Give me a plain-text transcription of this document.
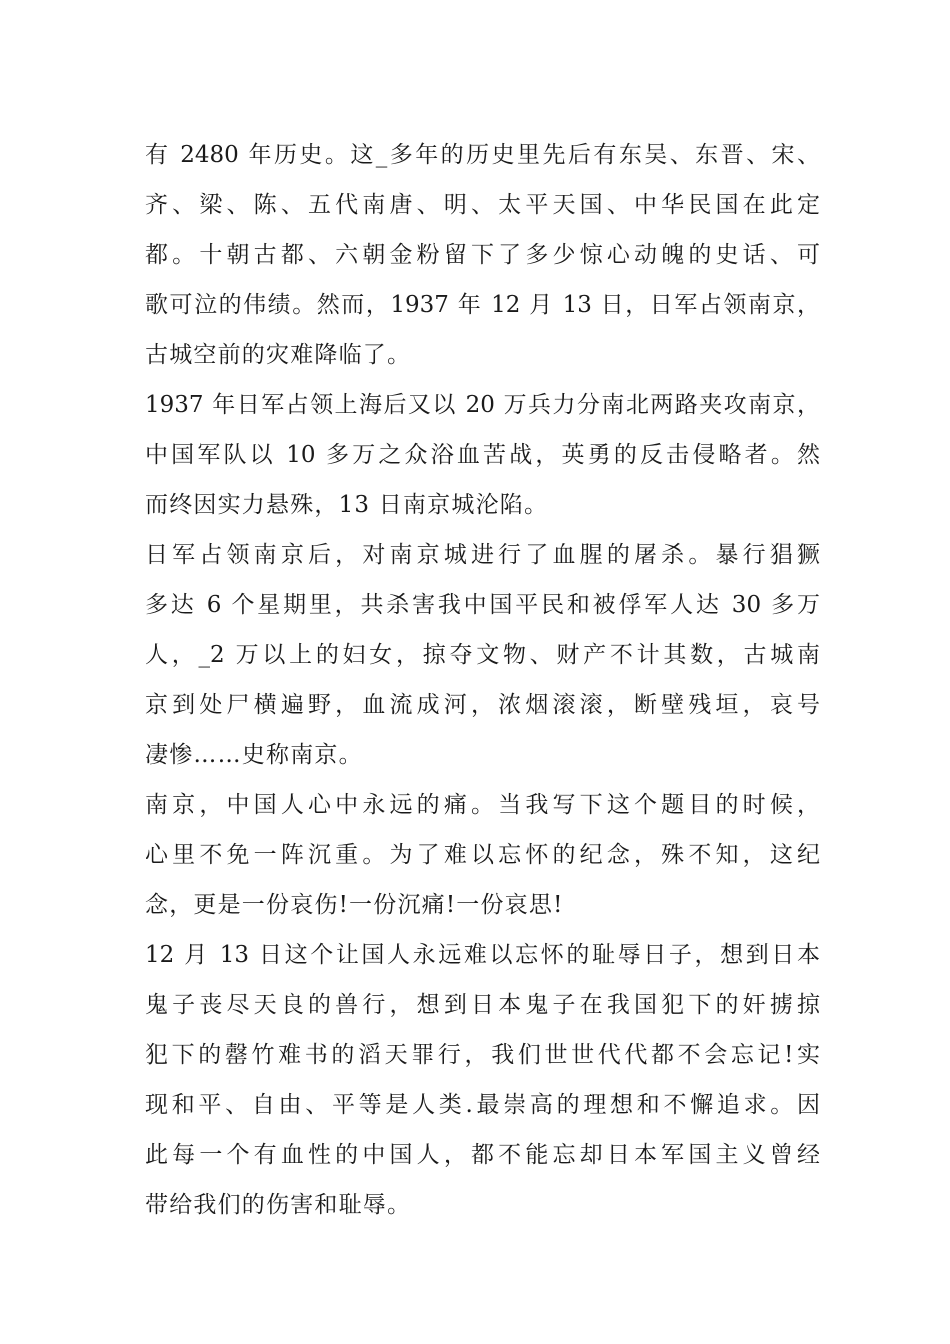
有 2480 年历史。这_多年的历史里先后有东吴、东晋、宋、
齐、梁、陈、五代南唐、明、太平天国、中华民国在此定
都。十朝古都、六朝金粉留下了多少惊心动魄的史话、可
歌可泣的伟绩。然而，1937 年 12 月 13 日，日军占领南京，
古城空前的灾难降临了。
1937 年日军占领上海后又以 20 万兵力分南北两路夹攻南京，
中国军队以 10 多万之众浴血苦战，英勇的反击侵略者。然
而终因实力悬殊，13 日南京城沦陷。
日军占领南京后，对南京城进行了血腥的屠杀。暴行猖獗
多达 6 个星期里，共杀害我中国平民和被俘军人达 30 多万
人，_2 万以上的妇女，掠夺文物、财产不计其数，古城南
京到处尸横遍野，血流成河，浓烟滚滚，断壁残垣，哀号
凄惨……史称南京。
南京，中国人心中永远的痛。当我写下这个题目的时候，
心里不免一阵沉重。为了难以忘怀的纪念，殊不知，这纪
念，更是一份哀伤!一份沉痛!一份哀思!
12 月 13 日这个让国人永远难以忘怀的耻辱日子，想到日本
鬼子丧尽天良的兽行，想到日本鬼子在我国犯下的奸掳掠
犯下的罄竹难书的滔天罪行，我们世世代代都不会忘记!实
现和平、自由、平等是人类.最崇高的理想和不懈追求。因
此每一个有血性的中国人，都不能忘却日本军国主义曾经
带给我们的伤害和耻辱。
